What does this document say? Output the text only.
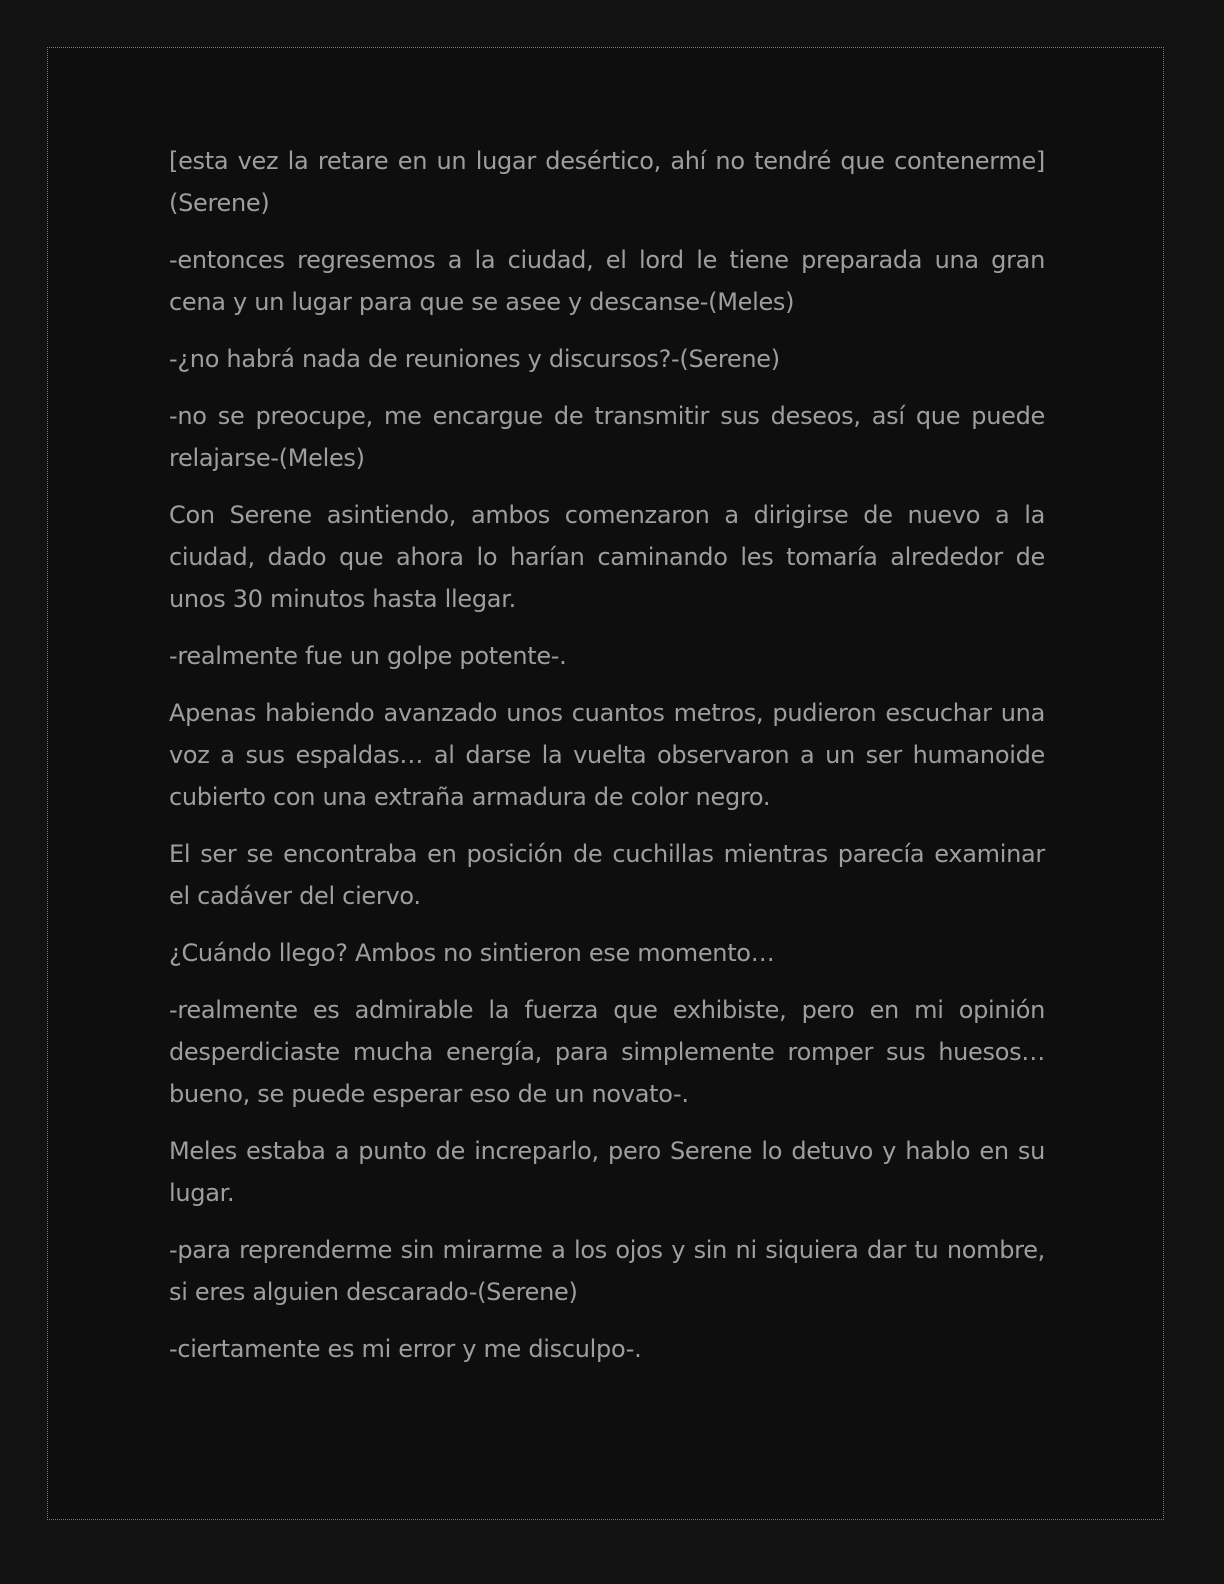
[esta vez la retare en un lugar desértico, ahí no tendré que contenerme] (Serene)

-entonces regresemos a la ciudad, el lord le tiene preparada una gran cena y un lugar para que se asee y descanse-(Meles)

-¿no habrá nada de reuniones y discursos?-(Serene)

-no se preocupe, me encargue de transmitir sus deseos, así que puede relajarse-(Meles)

Con Serene asintiendo, ambos comenzaron a dirigirse de nuevo a la ciudad, dado que ahora lo harían caminando les tomaría alrededor de unos 30 minutos hasta llegar.

-realmente fue un golpe potente-.

Apenas habiendo avanzado unos cuantos metros, pudieron escuchar una voz a sus espaldas… al darse la vuelta observaron a un ser humanoide cubierto con una extraña armadura de color negro.

El ser se encontraba en posición de cuchillas mientras parecía examinar el cadáver del ciervo.

¿Cuándo llego? Ambos no sintieron ese momento…

-realmente es admirable la fuerza que exhibiste, pero en mi opinión desperdiciaste mucha energía, para simplemente romper sus huesos… bueno, se puede esperar eso de un novato-.

Meles estaba a punto de increparlo, pero Serene lo detuvo y hablo en su lugar.

-para reprenderme sin mirarme a los ojos y sin ni siquiera dar tu nombre, si eres alguien descarado-(Serene)

-ciertamente es mi error y me disculpo-.
